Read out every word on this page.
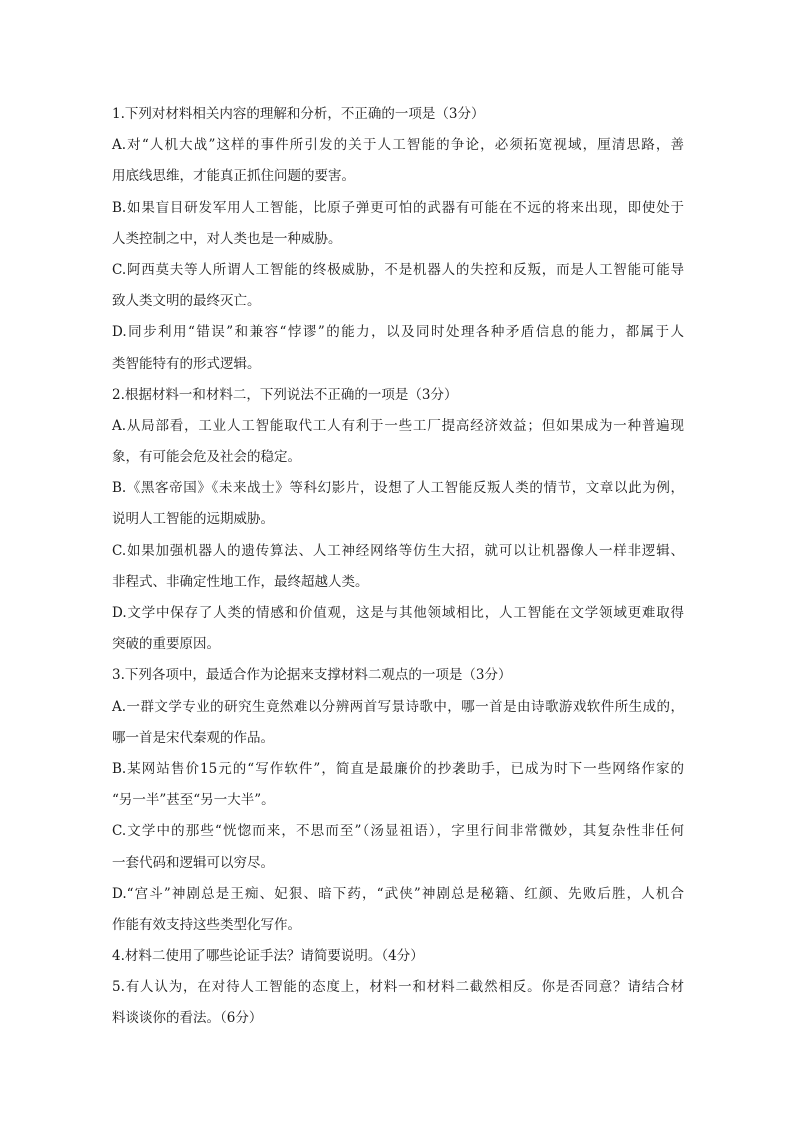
1.下列对材料相关内容的理解和分析，不正确的一项是（3分）
A.对“人机大战”这样的事件所引发的关于人工智能的争论，必须拓宽视域，厘清思路，善
用底线思维，才能真正抓住问题的要害。
B.如果盲目研发军用人工智能，比原子弹更可怕的武器有可能在不远的将来出现，即使处于
人类控制之中，对人类也是一种威胁。
C.阿西莫夫等人所谓人工智能的终极威胁，不是机器人的失控和反叛，而是人工智能可能导
致人类文明的最终灭亡。
D.同步利用“错误”和兼容“悖谬”的能力，以及同时处理各种矛盾信息的能力，都属于人
类智能特有的形式逻辑。
2.根据材料一和材料二，下列说法不正确的一项是（3分）
A.从局部看，工业人工智能取代工人有利于一些工厂提高经济效益；但如果成为一种普遍现
象，有可能会危及社会的稳定。
B.《黑客帝国》《未来战士》等科幻影片，设想了人工智能反叛人类的情节，文章以此为例，
说明人工智能的远期威胁。
C.如果加强机器人的遗传算法、人工神经网络等仿生大招，就可以让机器像人一样非逻辑、
非程式、非确定性地工作，最终超越人类。
D.文学中保存了人类的情感和价值观，这是与其他领域相比，人工智能在文学领域更难取得
突破的重要原因。
3.下列各项中，最适合作为论据来支撑材料二观点的一项是（3分）
A.一群文学专业的研究生竟然难以分辨两首写景诗歌中，哪一首是由诗歌游戏软件所生成的，
哪一首是宋代秦观的作品。
B.某网站售价15元的“写作软件”，简直是最廉价的抄袭助手，已成为时下一些网络作家的
“另一半”甚至“另一大半”。
C.文学中的那些“恍惚而来，不思而至”（汤显祖语），字里行间非常微妙，其复杂性非任何
一套代码和逻辑可以穷尽。
D.“宫斗”神剧总是王痴、妃狠、暗下药，“武侠”神剧总是秘籍、红颜、先败后胜，人机合
作能有效支持这些类型化写作。
4.材料二使用了哪些论证手法？请简要说明。（4分）
5.有人认为，在对待人工智能的态度上，材料一和材料二截然相反。你是否同意？请结合材
料谈谈你的看法。（6分）
